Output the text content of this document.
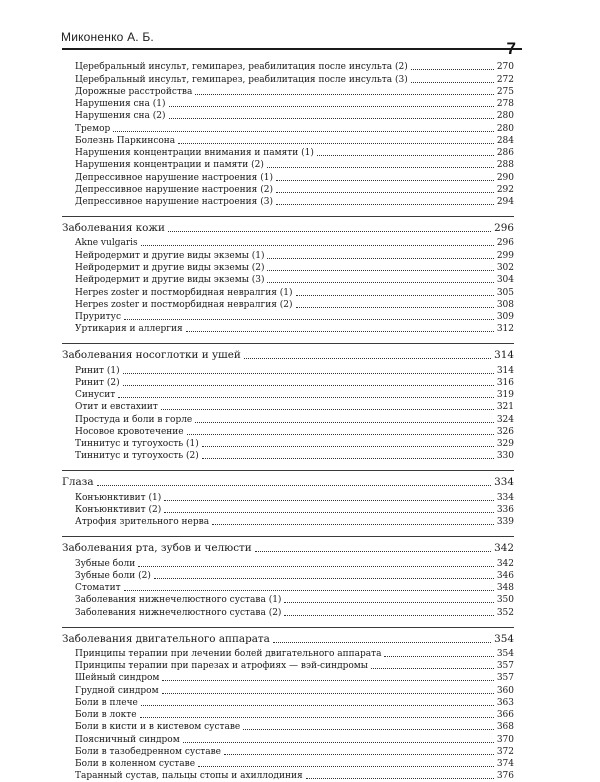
Миконенко А. Б.
7
Церебральный инсульт, гемипарез, реабилитация после инсульта (2)	270
Церебральный инсульт, гемипарез, реабилитация после инсульта (3)	272
Дорожные расстройства	275
Нарушения сна (1)	278
Нарушения сна (2)	280
Тремор	280
Болезнь Паркинсона	284
Нарушения концентрации внимания и памяти (1)	286
Нарушения концентрации и памяти (2)	288
Депрессивное нарушение настроения (1)	290
Депрессивное нарушение настроения (2)	292
Депрессивное нарушение настроения (3)	294
Заболевания кожи	296
Akne vulgaris	296
Нейродермит и другие виды экземы (1)	299
Нейродермит и другие виды экземы (2)	302
Нейродермит и другие виды экземы (3)	304
Herpes zoster и постморбидная невралгия (1)	305
Herpes zoster и постморбидная невралгия (2)	308
Пруритус	309
Уртикария и аллергия	312
Заболевания носоглотки и ушей	314
Ринит (1)	314
Ринит (2)	316
Синусит	319
Отит и евстахиит	321
Простуда и боли в горле	324
Носовое кровотечение	326
Тиннитус и тугоухость (1)	329
Тиннитус и тугоухость (2)	330
Глаза	334
Конъюнктивит (1)	334
Конъюнктивит (2)	336
Атрофия зрительного нерва	339
Заболевания рта, зубов и челюсти	342
Зубные боли	342
Зубные боли (2)	346
Стоматит	348
Заболевания нижнечелюстного сустава (1)	350
Заболевания нижнечелюстного сустава (2)	352
Заболевания двигательного аппарата	354
Принципы терапии при лечении болей двигательного аппарата	354
Принципы терапии при парезах и атрофиях — вэй-синдромы	357
Шейный синдром	357
Грудной синдром	360
Боли в плече	363
Боли в локте	366
Боли в кисти и в кистевом суставе	368
Поясничный синдром	370
Боли в тазобедренном суставе	372
Боли в коленном суставе	374
Таранный сустав, пальцы стопы и ахиллодиния	376
